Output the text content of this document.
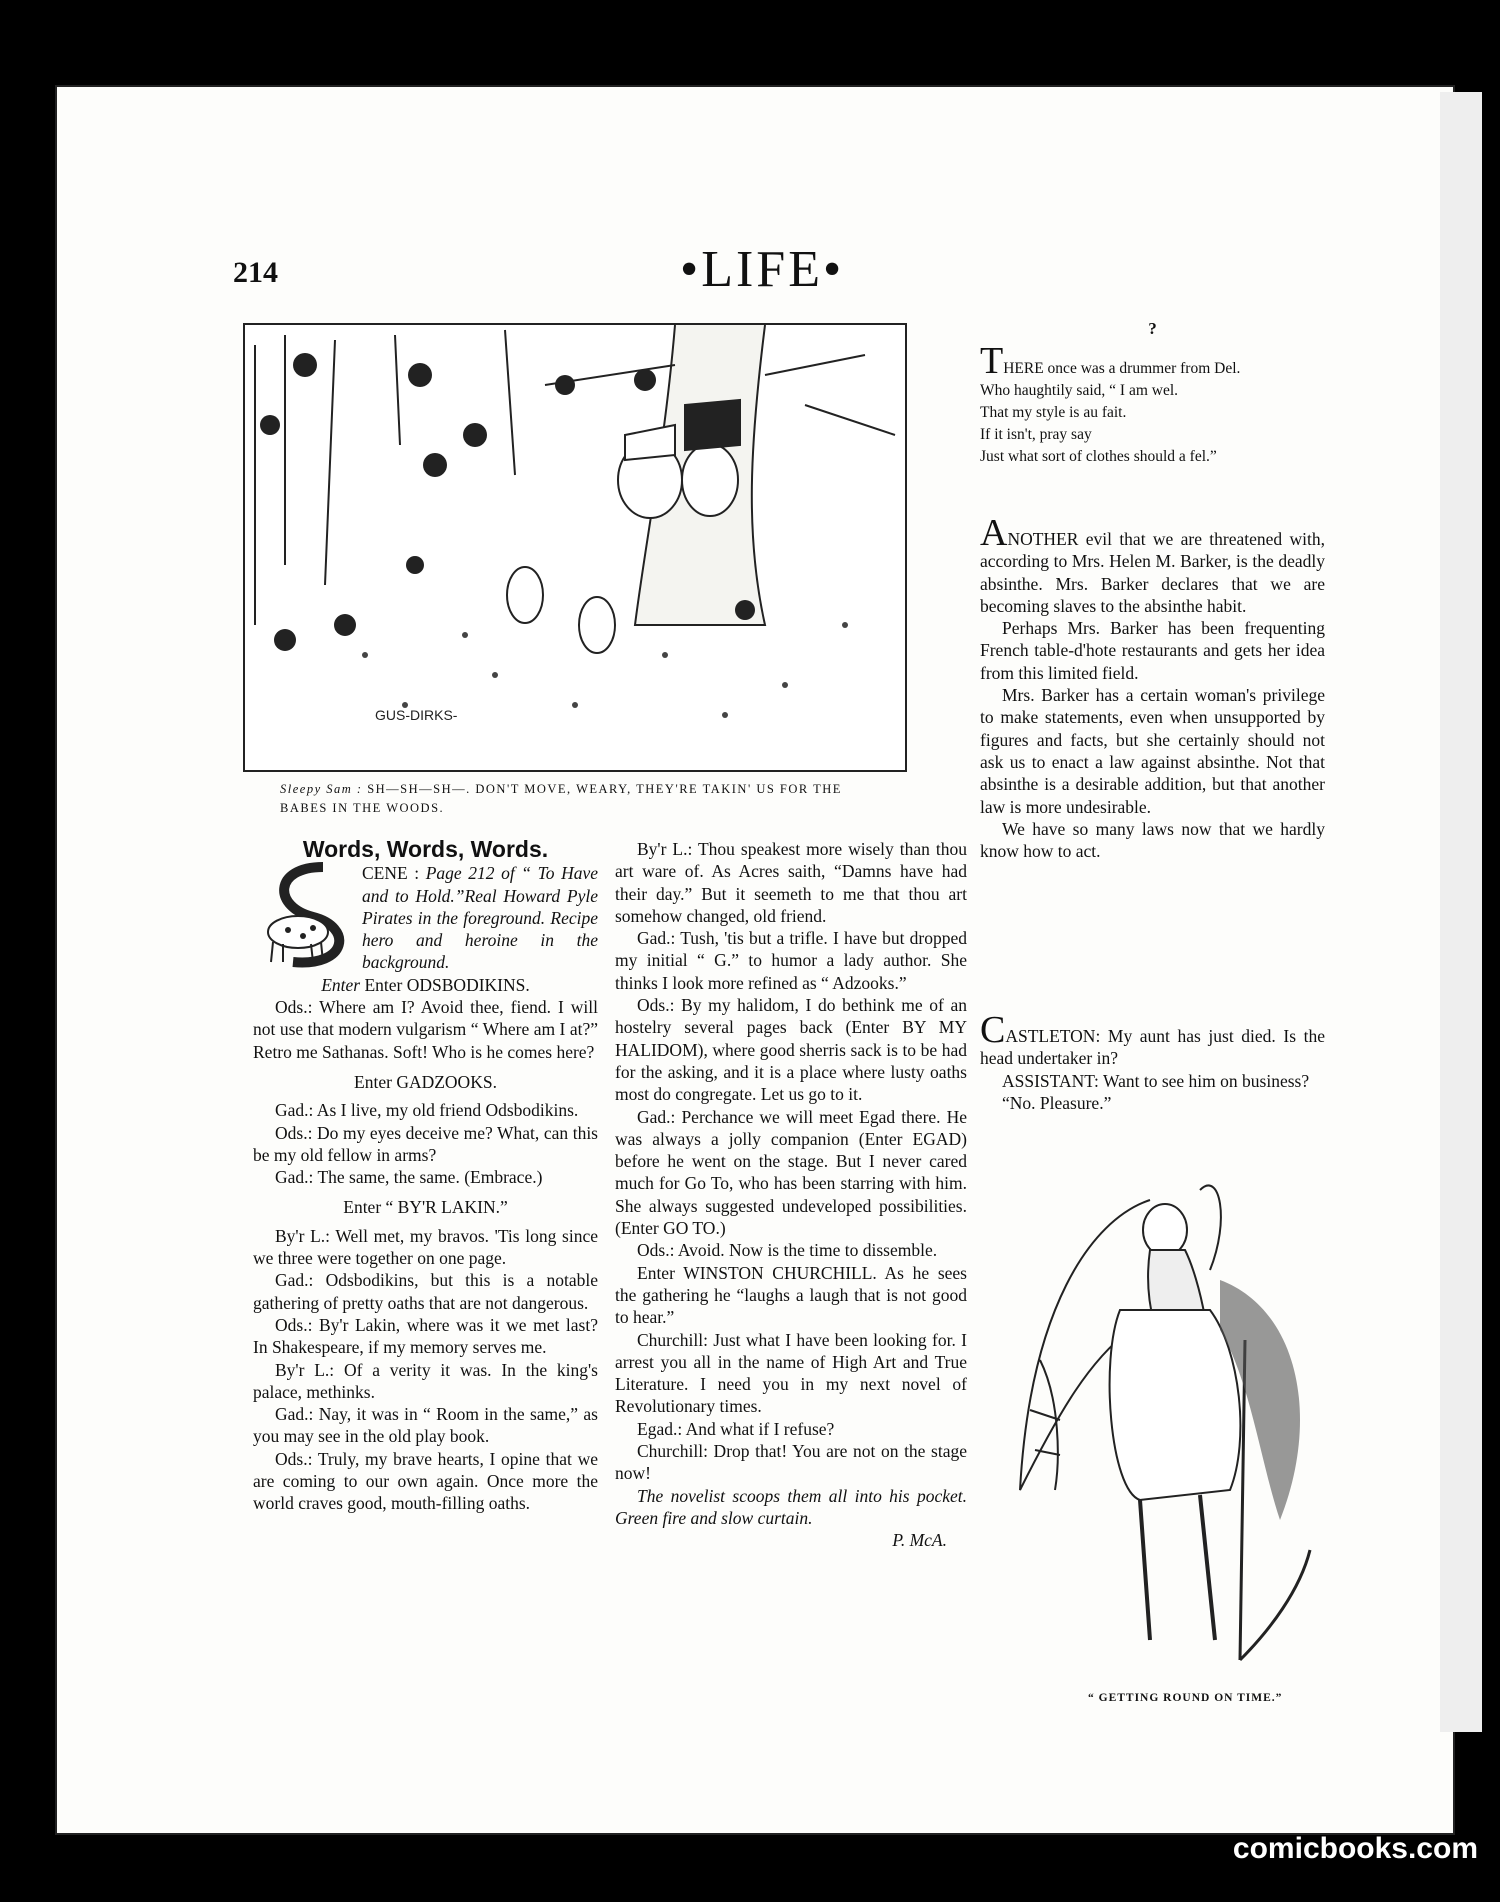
214	•LIFE•
GUS-DIRKS-
Sleepy Sam : SH—SH—SH—. DON'T MOVE, WEARY, THEY'RE TAKIN' US FOR THE BABES IN THE WOODS.
Words, Words, Words.

CENE : Page 212 of “ To Have and to Hold.”Real Howard Pyle Pirates in the foreground. Recipe hero and heroine in the background.

Enter Enter ODSBODIKINS.

Ods.: Where am I? Avoid thee, fiend. I will not use that modern vulgarism “ Where am I at?” Retro me Sathanas. Soft! Who is he comes here?

Enter GADZOOKS.

Gad.: As I live, my old friend Odsbodikins.

Ods.: Do my eyes deceive me? What, can this be my old fellow in arms?

Gad.: The same, the same. (Embrace.)

Enter “ BY'R LAKIN.”

By'r L.: Well met, my bravos. 'Tis long since we three were together on one page.

Gad.: Odsbodikins, but this is a notable gathering of pretty oaths that are not dangerous.

Ods.: By'r Lakin, where was it we met last? In Shakespeare, if my memory serves me.

By'r L.: Of a verity it was. In the king's palace, methinks.

Gad.: Nay, it was in “ Room in the same,” as you may see in the old play book.

Ods.: Truly, my brave hearts, I opine that we are coming to our own again. Once more the world craves good, mouth-filling oaths.

By'r L.: Thou speakest more wisely than thou art ware of. As Acres saith, “Damns have had their day.” But it seemeth to me that thou art somehow changed, old friend.

Gad.: Tush, 'tis but a trifle. I have but dropped my initial “ G.” to humor a lady author. She thinks I look more refined as “ Adzooks.”

Ods.: By my halidom, I do bethink me of an hostelry several pages back (Enter BY MY HALIDOM), where good sherris sack is to be had for the asking, and it is a place where lusty oaths most do congregate. Let us go to it.

Gad.: Perchance we will meet Egad there. He was always a jolly companion (Enter EGAD) before he went on the stage. But I never cared much for Go To, who has been starring with him. She always suggested undeveloped possibilities. (Enter GO TO.)

Ods.: Avoid. Now is the time to dissemble.

Enter WINSTON CHURCHILL. As he sees the gathering he “laughs a laugh that is not good to hear.”

Churchill: Just what I have been looking for. I arrest you all in the name of High Art and True Literature. I need you in my next novel of Revolutionary times.

Egad.: And what if I refuse?

Churchill: Drop that! You are not on the stage now!

The novelist scoops them all into his pocket. Green fire and slow curtain.

P. McA.

?

THERE once was a drummer from Del.

Who haughtily said, “ I am wel.

That my style is au fait.

If it isn't, pray say

Just what sort of clothes should a fel.”

ANOTHER evil that we are threatened with, according to Mrs. Helen M. Barker, is the deadly absinthe. Mrs. Barker declares that we are becoming slaves to the absinthe habit.

Perhaps Mrs. Barker has been frequenting French table-d'hote restaurants and gets her idea from this limited field.

Mrs. Barker has a certain woman's privilege to make statements, even when unsupported by figures and facts, but she certainly should not ask us to enact a law against absinthe. Not that absinthe is a desirable addition, but that another law is more undesirable.

We have so many laws now that we hardly know how to act.

CASTLETON: My aunt has just died. Is the head undertaker in?

ASSISTANT: Want to see him on business?

“No. Pleasure.”

“ GETTING ROUND ON TIME.”
comicbooks.com
